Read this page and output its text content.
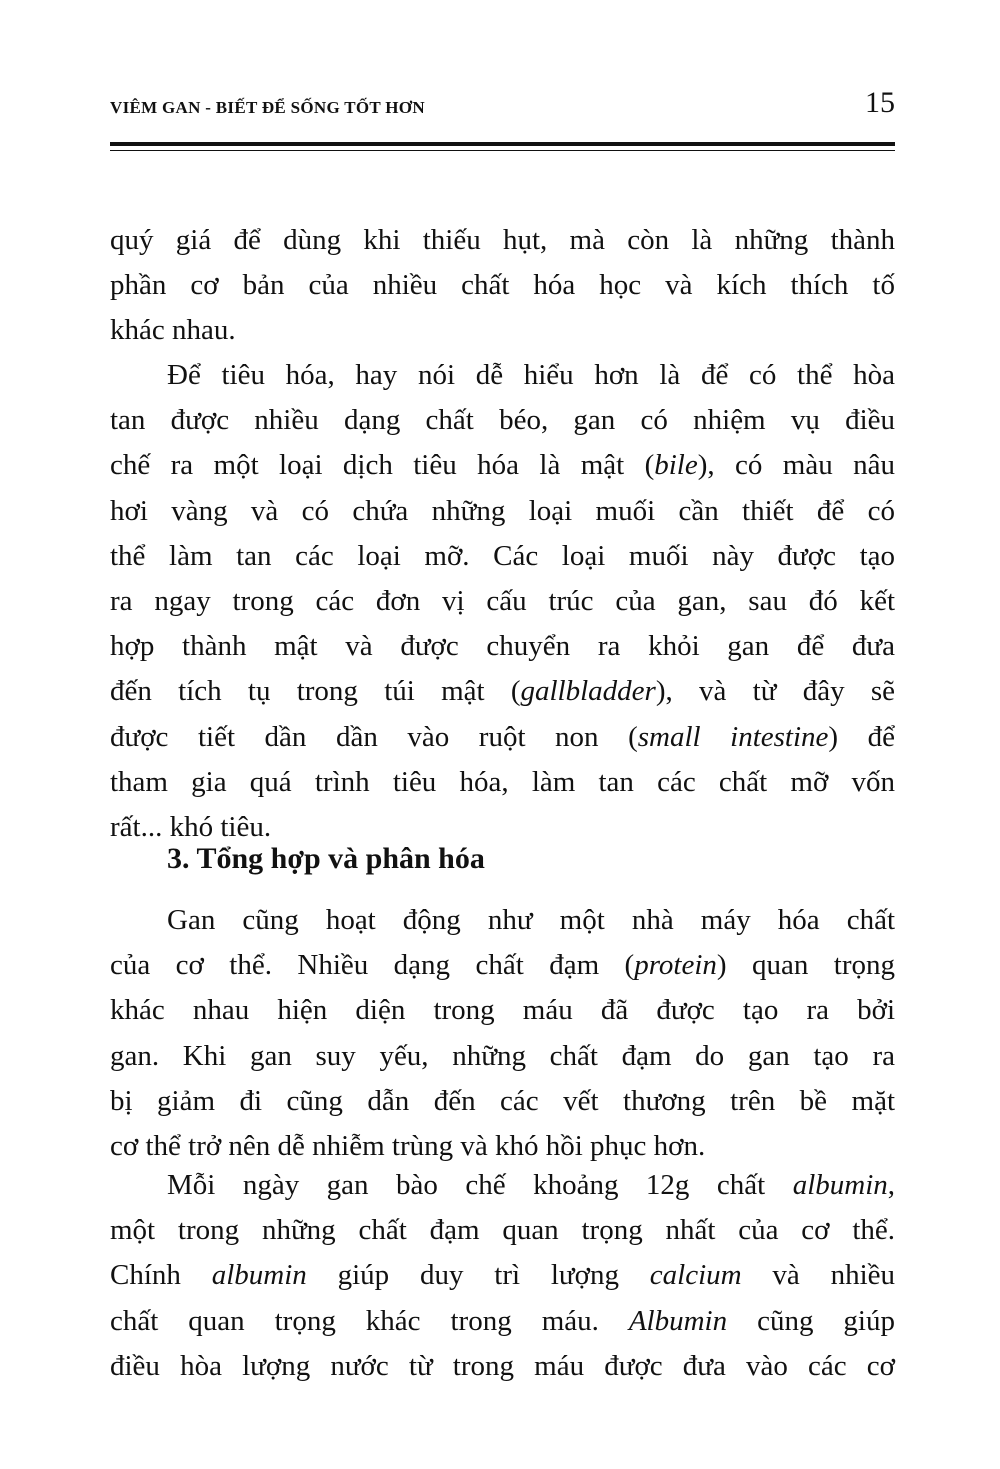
VIÊM GAN - BIẾT ĐỂ SỐNG TỐT HƠN	15
quý giá để dùng khi thiếu hụt, mà còn là những thành
phần cơ bản của nhiều chất hóa học và kích thích tố
khác nhau.
Để tiêu hóa, hay nói dễ hiểu hơn là để có thể hòa
tan được nhiều dạng chất béo, gan có nhiệm vụ điều
chế ra một loại dịch tiêu hóa là mật (bile), có màu nâu
hơi vàng và có chứa những loại muối cần thiết để có
thể làm tan các loại mỡ. Các loại muối này được tạo
ra ngay trong các đơn vị cấu trúc của gan, sau đó kết
hợp thành mật và được chuyển ra khỏi gan để đưa
đến tích tụ trong túi mật (gallbladder), và từ đây sẽ
được tiết dần dần vào ruột non (small intestine) để
tham gia quá trình tiêu hóa, làm tan các chất mỡ vốn
rất... khó tiêu.
3. Tổng hợp và phân hóa
Gan cũng hoạt động như một nhà máy hóa chất
của cơ thể. Nhiều dạng chất đạm (protein) quan trọng
khác nhau hiện diện trong máu đã được tạo ra bởi
gan. Khi gan suy yếu, những chất đạm do gan tạo ra
bị giảm đi cũng dẫn đến các vết thương trên bề mặt
cơ thể trở nên dễ nhiễm trùng và khó hồi phục hơn.
Mỗi ngày gan bào chế khoảng 12g chất albumin,
một trong những chất đạm quan trọng nhất của cơ thể.
Chính albumin giúp duy trì lượng calcium và nhiều
chất quan trọng khác trong máu. Albumin cũng giúp
điều hòa lượng nước từ trong máu được đưa vào các cơ
